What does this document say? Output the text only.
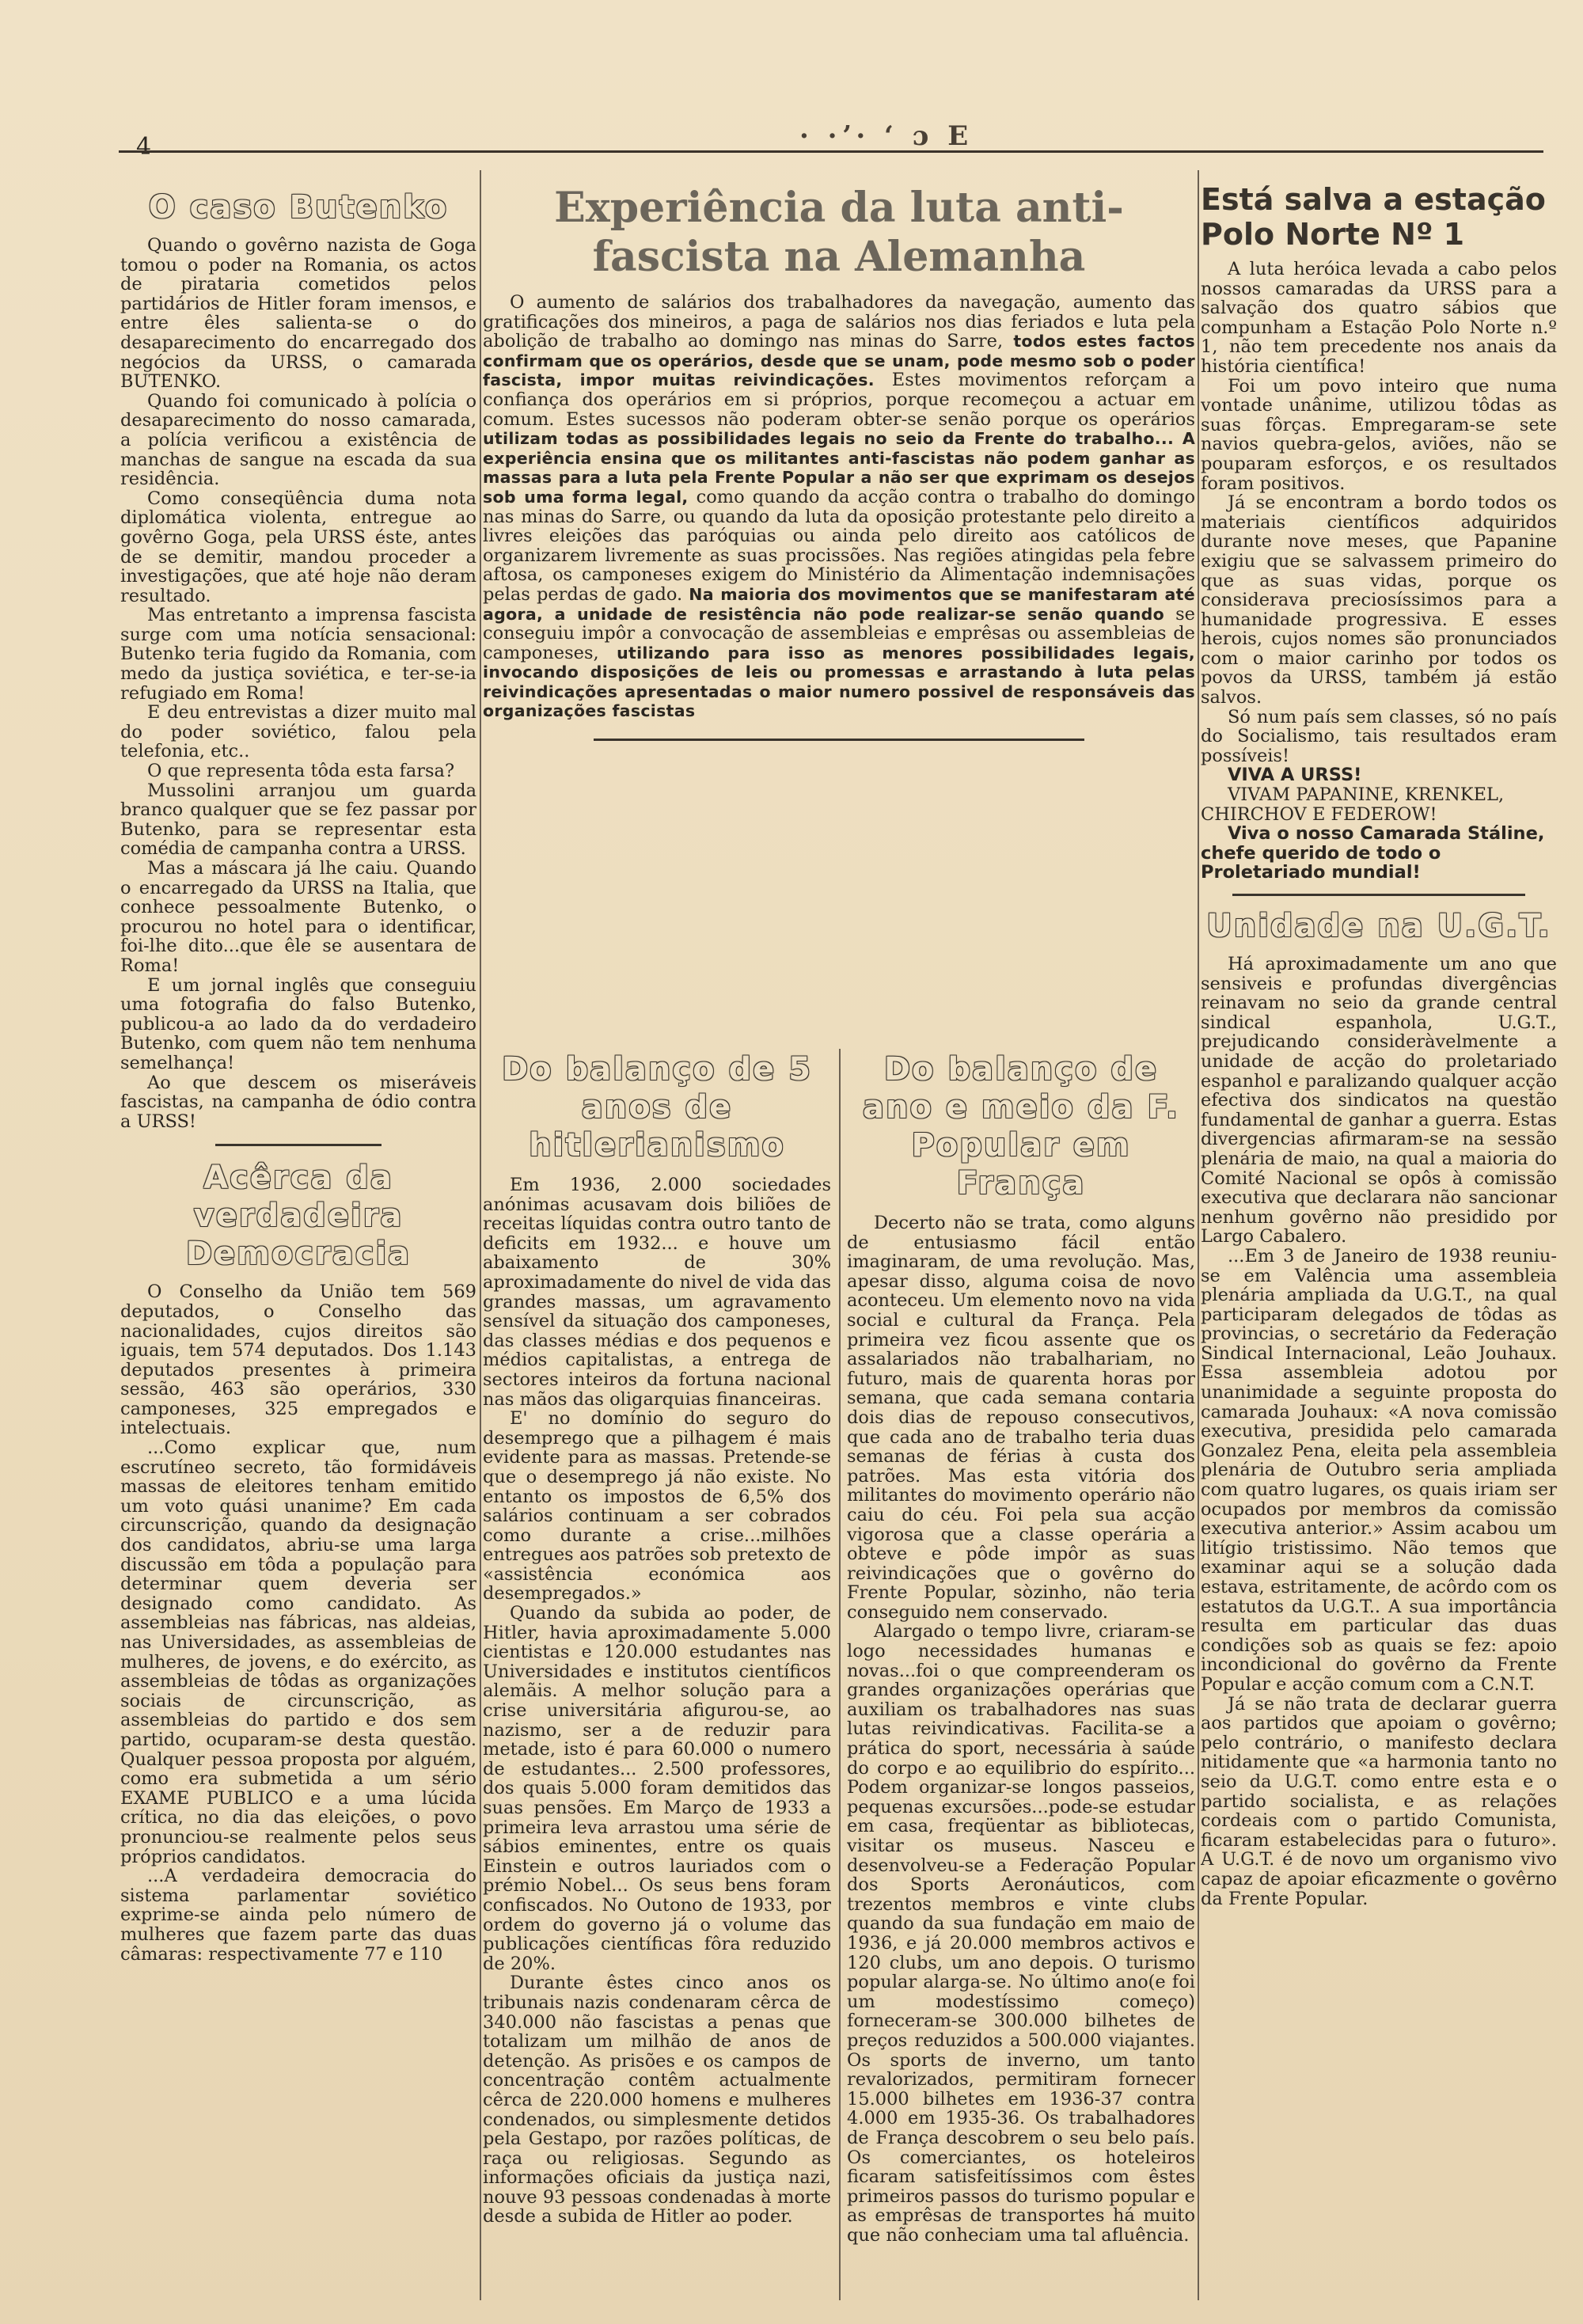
4	· ·ʼ· ʻ ɔ E
O caso Butenko

Quando o govêrno nazista de Goga tomou o poder na Romania, os actos de pirataria cometidos pelos partidários de Hitler foram imensos, e entre êles salienta-se o do desaparecimento do encarregado dos negócios da URSS, o camarada BUTENKO.

Quando foi comunicado à polícia o desaparecimento do nosso camarada, a polícia verificou a existência de manchas de sangue na escada da sua residência.

Como conseqüência duma nota diplomática violenta, entregue ao govêrno Goga, pela URSS éste, antes de se demitir, mandou proceder a investigações, que até hoje não deram resultado.

Mas entretanto a imprensa fascista surge com uma notícia sensacional: Butenko teria fugido da Romania, com medo da justiça soviética, e ter-se-ia refugiado em Roma!

E deu entrevistas a dizer muito mal do poder soviético, falou pela telefonia, etc..

O que representa tôda esta farsa?

Mussolini arranjou um guarda branco qualquer que se fez passar por Butenko, para se representar esta comédia de campanha contra a URSS.

Mas a máscara já lhe caiu. Quando o encarregado da URSS na Italia, que conhece pessoalmente Butenko, o procurou no hotel para o identificar, foi-lhe dito...que êle se ausentara de Roma!

E um jornal inglês que conseguiu uma fotografia do falso Butenko, publicou-a ao lado da do verdadeiro Butenko, com quem não tem nenhuma semelhança!

Ao que descem os miseráveis fascistas, na campanha de ódio contra a URSS!

Acêrca da verdadeira Democracia

O Conselho da União tem 569 deputados, o Conselho das nacionalidades, cujos direitos são iguais, tem 574 deputados. Dos 1.143 deputados presentes à primeira sessão, 463 são operários, 330 camponeses, 325 empregados e intelectuais.

...Como explicar que, num escrutíneo secreto, tão formidáveis massas de eleitores tenham emitido um voto quási unanime? Em cada circunscrição, quando da designação dos candidatos, abriu-se uma larga discussão em tôda a população para determinar quem deveria ser designado como candidato. As assembleias nas fábricas, nas aldeias, nas Universidades, as assembleias de mulheres, de jovens, e do exército, as assembleias de tôdas as organizações sociais de circunscrição, as assembleias do partido e dos sem partido, ocuparam-se desta questão. Qualquer pessoa proposta por alguém, como era submetida a um sério EXAME PUBLICO e a uma lúcida crítica, no dia das eleições, o povo pronunciou-se realmente pelos seus próprios candidatos.

...A verdadeira democracia do sistema parlamentar soviético exprime-se ainda pelo número de mulheres que fazem parte das duas câmaras: respectivamente 77 e 110

Experiência da luta anti-fascista na Alemanha

O aumento de salários dos trabalhadores da navegação, aumento das gratificações dos mineiros, a paga de salários nos dias feriados e luta pela abolição de trabalho ao domingo nas minas do Sarre, todos estes factos confirmam que os operários, desde que se unam, pode mesmo sob o poder fascista, impor muitas reivindicações. Estes movimentos reforçam a confiança dos operários em si próprios, porque recomeçou a actuar em comum. Estes sucessos não poderam obter-se senão porque os operários utilizam todas as possibilidades legais no seio da Frente do trabalho... A experiência ensina que os militantes anti-fascistas não podem ganhar as massas para a luta pela Frente Popular a não ser que exprimam os desejos sob uma forma legal, como quando da acção contra o trabalho do domingo nas minas do Sarre, ou quando da luta da oposição protestante pelo direito a livres eleições das paróquias ou ainda pelo direito aos católicos de organizarem livremente as suas procissões. Nas regiões atingidas pela febre aftosa, os camponeses exigem do Ministério da Alimentação indemnisações pelas perdas de gado. Na maioria dos movimentos que se manifestaram até agora, a unidade de resistência não pode realizar-se senão quando se conseguiu impôr a convocação de assembleias e emprêsas ou assembleias de camponeses, utilizando para isso as menores possibilidades legais, invocando disposições de leis ou promessas e arrastando à luta pelas reivindicações apresentadas o maior numero possivel de responsáveis das organizações fascistas

Do balanço de 5 anos de hitlerianismo

Em 1936, 2.000 sociedades anónimas acusavam dois biliões de receitas líquidas contra outro tanto de deficits em 1932... e houve um abaixamento de 30% aproximadamente do nivel de vida das grandes massas, um agravamento sensível da situação dos camponeses, das classes médias e dos pequenos e médios capitalistas, a entrega de sectores inteiros da fortuna nacional nas mãos das oligarquias financeiras.

E' no domínio do seguro do desemprego que a pilhagem é mais evidente para as massas. Pretende-se que o desemprego já não existe. No entanto os impostos de 6,5% dos salários continuam a ser cobrados como durante a crise...milhões entregues aos patrões sob pretexto de «assistência económica aos desempregados.»

Quando da subida ao poder, de Hitler, havia aproximadamente 5.000 cientistas e 120.000 estudantes nas Universidades e institutos científicos alemãis. A melhor solução para a crise universitária afigurou-se, ao nazismo, ser a de reduzir para metade, isto é para 60.000 o numero de estudantes... 2.500 professores, dos quais 5.000 foram demitidos das suas pensões. Em Março de 1933 a primeira leva arrastou uma série de sábios eminentes, entre os quais Einstein e outros lauriados com o prémio Nobel... Os seus bens foram confiscados. No Outono de 1933, por ordem do governo já o volume das publicações científicas fôra reduzido de 20%.

Durante êstes cinco anos os tribunais nazis condenaram cêrca de 340.000 não fascistas a penas que totalizam um milhão de anos de detenção. As prisões e os campos de concentração contêm actualmente cêrca de 220.000 homens e mulheres condenados, ou simplesmente detidos pela Gestapo, por razões políticas, de raça ou religiosas. Segundo as informações oficiais da justiça nazi, nouve 93 pessoas condenadas à morte desde a subida de Hitler ao poder.

Do balanço de ano e meio da F. Popular em França

Decerto não se trata, como alguns de entusiasmo fácil então imaginaram, de uma revolução. Mas, apesar disso, alguma coisa de novo aconteceu. Um elemento novo na vida social e cultural da França. Pela primeira vez ficou assente que os assalariados não trabalhariam, no futuro, mais de quarenta horas por semana, que cada semana contaria dois dias de repouso consecutivos, que cada ano de trabalho teria duas semanas de férias à custa dos patrões. Mas esta vitória dos militantes do movimento operário não caiu do céu. Foi pela sua acção vigorosa que a classe operária a obteve e pôde impôr as suas reivindicações que o govêrno do Frente Popular, sòzinho, não teria conseguido nem conservado.

Alargado o tempo livre, criaram-se logo necessidades humanas e novas...foi o que compreenderam os grandes organizações operárias que auxiliam os trabalhadores nas suas lutas reivindicativas. Facilita-se a prática do sport, necessária à saúde do corpo e ao equilibrio do espírito... Podem organizar-se longos passeios, pequenas excursões...pode-se estudar em casa, freqüentar as bibliotecas, visitar os museus. Nasceu e desenvolveu-se a Federação Popular dos Sports Aeronáuticos, com trezentos membros e vinte clubs quando da sua fundação em maio de 1936, e já 20.000 membros activos e 120 clubs, um ano depois. O turismo popular alarga-se. No último ano(e foi um modestíssimo começo) forneceram-se 300.000 bilhetes de preços reduzidos a 500.000 viajantes. Os sports de inverno, um tanto revalorizados, permitiram fornecer 15.000 bilhetes em 1936-37 contra 4.000 em 1935-36. Os trabalhadores de França descobrem o seu belo país. Os comerciantes, os hoteleiros ficaram satisfeitíssimos com êstes primeiros passos do turismo popular e as emprêsas de transportes há muito que não conheciam uma tal afluência.

Está salva a estação Polo Norte Nº 1

A luta heróica levada a cabo pelos nossos camaradas da URSS para a salvação dos quatro sábios que compunham a Estação Polo Norte n.º 1, não tem precedente nos anais da história científica!

Foi um povo inteiro que numa vontade unânime, utilizou tôdas as suas fôrças. Empregaram-se sete navios quebra-gelos, aviões, não se pouparam esforços, e os resultados foram positivos.

Já se encontram a bordo todos os materiais científicos adquiridos durante nove meses, que Papanine exigiu que se salvassem primeiro do que as suas vidas, porque os considerava preciosíssimos para a humanidade progressiva. E esses herois, cujos nomes são pronunciados com o maior carinho por todos os povos da URSS, também já estão salvos.

Só num país sem classes, só no país do Socialismo, tais resultados eram possíveis!

VIVA A URSS!

VIVAM PAPANINE, KRENKEL, CHIRCHOV E FEDEROW!

Viva o nosso Camarada Stáline, chefe querido de todo o Proletariado mundial!

Unidade na U.G.T.

Há aproximadamente um ano que sensiveis e profundas divergências reinavam no seio da grande central sindical espanhola, U.G.T., prejudicando consideràvelmente a unidade de acção do proletariado espanhol e paralizando qualquer acção efectiva dos sindicatos na questão fundamental de ganhar a guerra. Estas divergencias afirmaram-se na sessão plenária de maio, na qual a maioria do Comité Nacional se opôs à comissão executiva que declarara não sancionar nenhum govêrno não presidido por Largo Cabalero.

...Em 3 de Janeiro de 1938 reuniu-se em Valência uma assembleia plenária ampliada da U.G.T., na qual participaram delegados de tôdas as provincias, o secretário da Federação Sindical Internacional, Leão Jouhaux. Essa assembleia adotou por unanimidade a seguinte proposta do camarada Jouhaux: «A nova comissão executiva, presidida pelo camarada Gonzalez Pena, eleita pela assembleia plenária de Outubro seria ampliada com quatro lugares, os quais iriam ser ocupados por membros da comissão executiva anterior.» Assim acabou um litígio tristissimo. Não temos que examinar aqui se a solução dada estava, estritamente, de acôrdo com os estatutos da U.G.T.. A sua importância resulta em particular das duas condições sob as quais se fez: apoio incondicional do govêrno da Frente Popular e acção comum com a C.N.T.

Já se não trata de declarar guerra aos partidos que apoiam o govêrno; pelo contrário, o manifesto declara nitidamente que «a harmonia tanto no seio da U.G.T. como entre esta e o partido socialista, e as relações cordeais com o partido Comunista, ficaram estabelecidas para o futuro». A U.G.T. é de novo um organismo vivo capaz de apoiar eficazmente o govêrno da Frente Popular.
